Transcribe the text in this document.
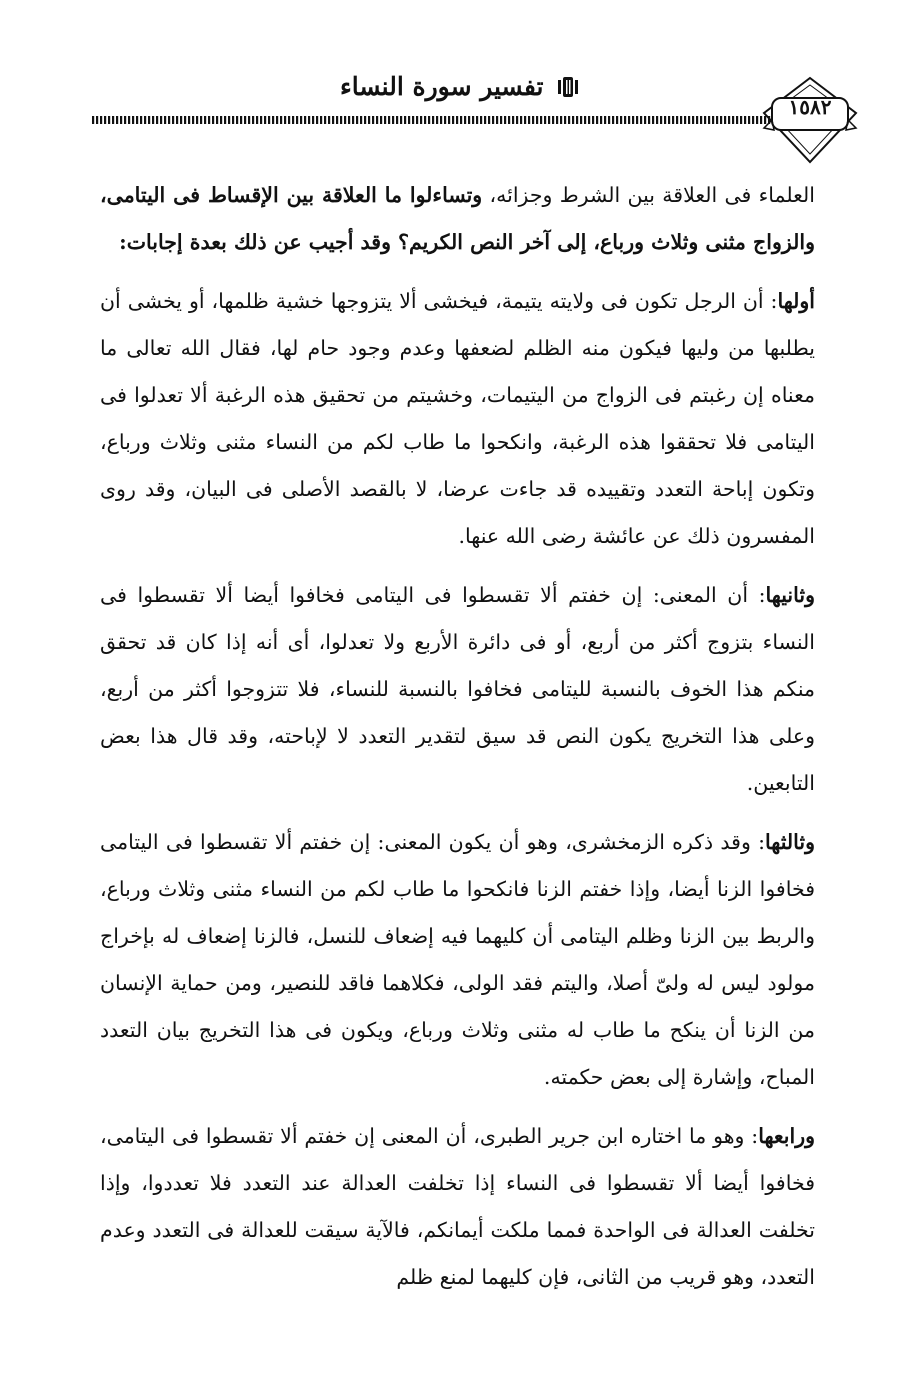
تفسير سورة النساء
١٥٨٢

العلماء فى العلاقة بين الشرط وجزائه، وتساءلوا ما العلاقة بين الإقساط فى اليتامى، والزواج مثنى وثلاث ورباع، إلى آخر النص الكريم؟ وقد أجيب عن ذلك بعدة إجابات:

أولها: أن الرجل تكون فى ولايته يتيمة، فيخشى ألا يتزوجها خشية ظلمها، أو يخشى أن يطلبها من وليها فيكون منه الظلم لضعفها وعدم وجود حام لها، فقال الله تعالى ما معناه إن رغبتم فى الزواج من اليتيمات، وخشيتم من تحقيق هذه الرغبة ألا تعدلوا فى اليتامى فلا تحققوا هذه الرغبة، وانكحوا ما طاب لكم من النساء مثنى وثلاث ورباع، وتكون إباحة التعدد وتقييده قد جاءت عرضا، لا بالقصد الأصلى فى البيان، وقد روى المفسرون ذلك عن عائشة رضى الله عنها.

وثانيها: أن المعنى: إن خفتم ألا تقسطوا فى اليتامى فخافوا أيضا ألا تقسطوا فى النساء بتزوج أكثر من أربع، أو فى دائرة الأربع ولا تعدلوا، أى أنه إذا كان قد تحقق منكم هذا الخوف بالنسبة لليتامى فخافوا بالنسبة للنساء، فلا تتزوجوا أكثر من أربع، وعلى هذا التخريج يكون النص قد سيق لتقدير التعدد لا لإباحته، وقد قال هذا بعض التابعين.

وثالثها: وقد ذكره الزمخشرى، وهو أن يكون المعنى: إن خفتم ألا تقسطوا فى اليتامى فخافوا الزنا أيضا، وإذا خفتم الزنا فانكحوا ما طاب لكم من النساء مثنى وثلاث ورباع، والربط بين الزنا وظلم اليتامى أن كليهما فيه إضعاف للنسل، فالزنا إضعاف له بإخراج مولود ليس له ولىّ أصلا، واليتم فقد الولى، فكلاهما فاقد للنصير، ومن حماية الإنسان من الزنا أن ينكح ما طاب له مثنى وثلاث ورباع، ويكون فى هذا التخريج بيان التعدد المباح، وإشارة إلى بعض حكمته.

ورابعها: وهو ما اختاره ابن جرير الطبرى، أن المعنى إن خفتم ألا تقسطوا فى اليتامى، فخافوا أيضا ألا تقسطوا فى النساء إذا تخلفت العدالة عند التعدد فلا تعددوا، وإذا تخلفت العدالة فى الواحدة فمما ملكت أيمانكم، فالآية سيقت للعدالة فى التعدد وعدم التعدد، وهو قريب من الثانى، فإن كليهما لمنع ظلم
